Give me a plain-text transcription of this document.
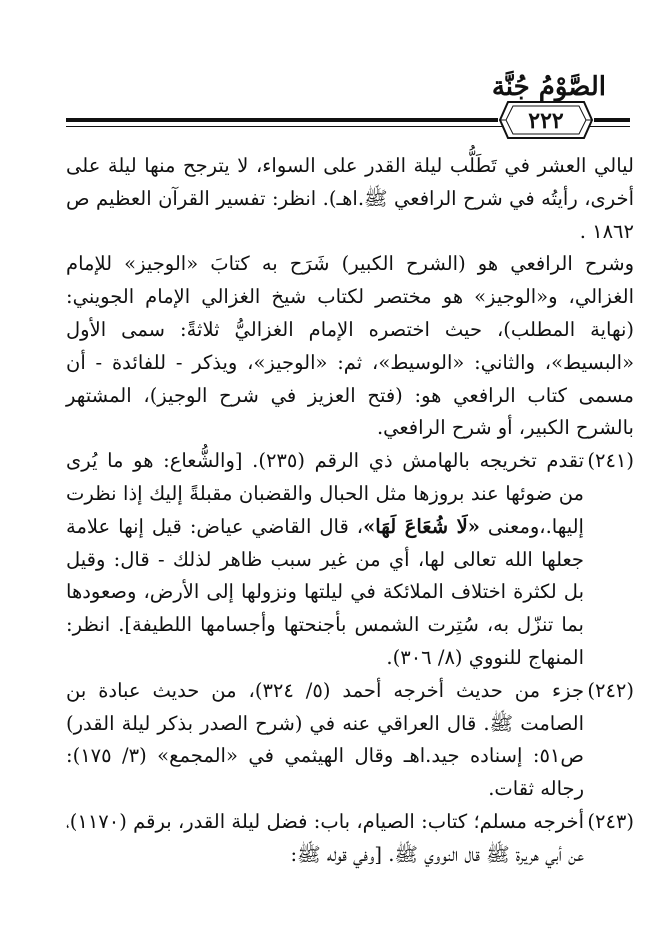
الصَّوْمُ جُنَّة
٢٢٢

ليالي العشر في تَطَلُّب ليلة القدر على السواء، لا يترجح منها ليلة على أخرى، رأيتُه في شرح الرافعي ﷺ.اهـ). انظر: تفسير القرآن العظيم ص ١٨٦٢ .

وشرح الرافعي هو (الشرح الكبير) شَرَح به كتابَ «الوجيز» للإمام الغزالي، و«الوجيز» هو مختصر لكتاب شيخ الغزالي الإمام الجويني: (نهاية المطلب)، حيث اختصره الإمام الغزاليُّ ثلاثةً: سمى الأول «البسيط»، والثاني: «الوسيط»، ثم: «الوجيز»، ويذكر - للفائدة - أن مسمى كتاب الرافعي هو: (فتح العزيز في شرح الوجيز)، المشتهر بالشرح الكبير، أو شرح الرافعي.

(٢٤١)
تقدم تخريجه بالهامش ذي الرقم (٢٣٥). [والشُّعاع: هو ما يُرى من ضوئها عند بروزها مثل الحبال والقضبان مقبلةً إليك إذا نظرت إليها.،ومعنى «لَا شُعَاعَ لَهَا»، قال القاضي عياض: قيل إنها علامة جعلها الله تعالى لها، أي من غير سبب ظاهر لذلك - قال: وقيل بل لكثرة اختلاف الملائكة في ليلتها ونزولها إلى الأرض، وصعودها بما تنزّل به، سُتِرت الشمس بأجنحتها وأجسامها اللطيفة]. انظر: المنهاج للنووي (٨/ ٣٠٦).

(٢٤٢)
جزء من حديث أخرجه أحمد (٥/ ٣٢٤)، من حديث عبادة بن الصامت ﷺ. قال العراقي عنه في (شرح الصدر بذكر ليلة القدر) ص٥١: إسناده جيد.اهـ وقال الهيثمي في «المجمع» (٣/ ١٧٥): رجاله ثقات.

(٢٤٣)
أخرجه مسلم؛ كتاب: الصيام، باب: فضل ليلة القدر، برقم (١١٧٠)، عن أبي هريرة ﷺ قال النووي ﷺ. [وفي قوله ﷺ:
